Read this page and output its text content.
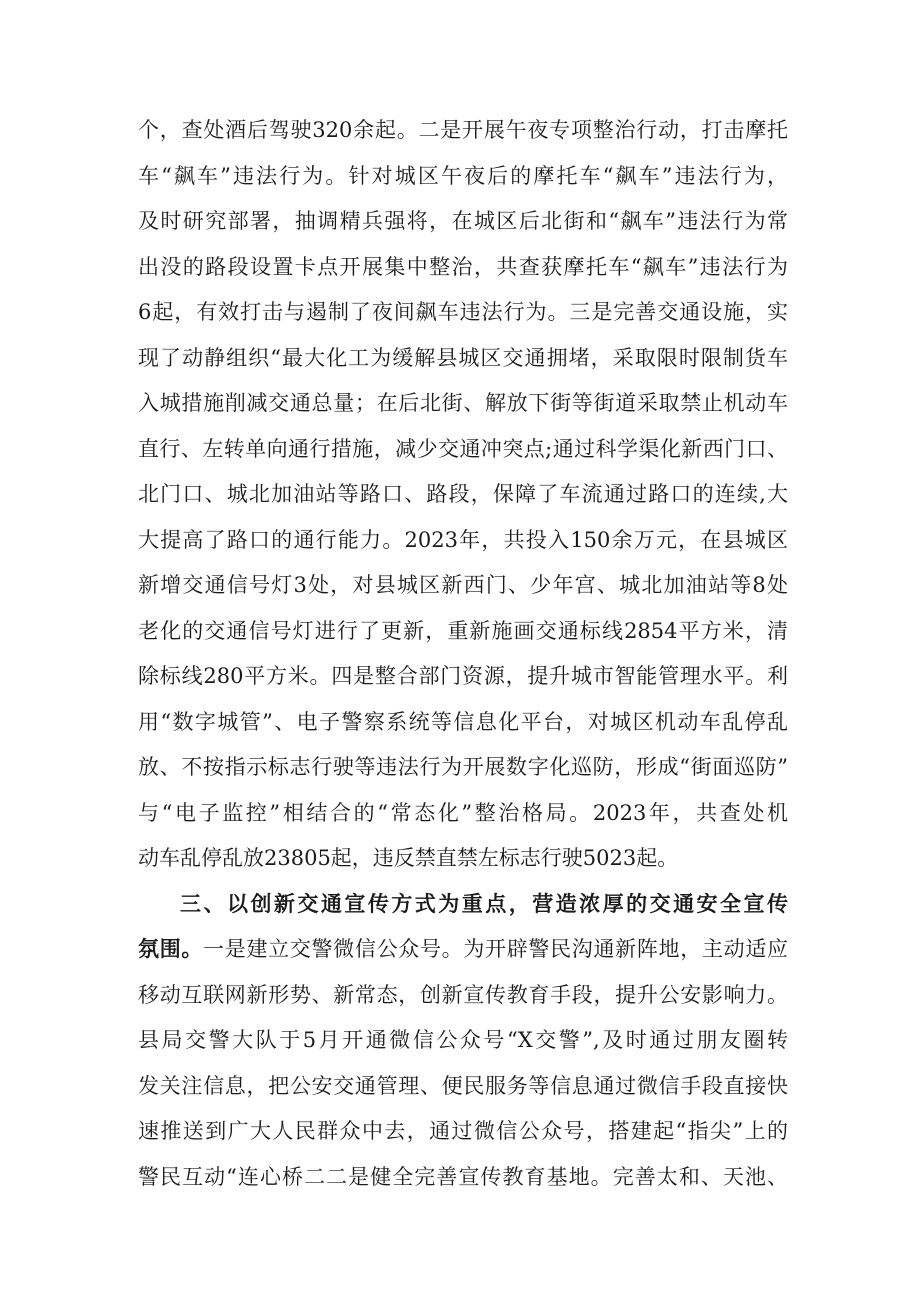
个，查处酒后驾驶320余起。二是开展午夜专项整治行动，打击摩托
车“飙车”违法行为。针对城区午夜后的摩托车“飙车”违法行为，
及时研究部署，抽调精兵强将，在城区后北街和“飙车”违法行为常
出没的路段设置卡点开展集中整治，共查获摩托车“飙车”违法行为
6起，有效打击与遏制了夜间飙车违法行为。三是完善交通设施，实
现了动静组织“最大化工为缓解县城区交通拥堵，采取限时限制货车
入城措施削减交通总量；在后北街、解放下街等街道采取禁止机动车
直行、左转单向通行措施，减少交通冲突点;通过科学渠化新西门口、
北门口、城北加油站等路口、路段，保障了车流通过路口的连续,大
大提高了路口的通行能力。2023年，共投入150余万元，在县城区
新增交通信号灯3处，对县城区新西门、少年宫、城北加油站等8处
老化的交通信号灯进行了更新，重新施画交通标线2854平方米，清
除标线280平方米。四是整合部门资源，提升城市智能管理水平。利
用“数字城管”、电子警察系统等信息化平台，对城区机动车乱停乱
放、不按指示标志行驶等违法行为开展数字化巡防，形成“街面巡防”
与“电子监控”相结合的“常态化”整治格局。2023年，共查处机
动车乱停乱放23805起，违反禁直禁左标志行驶5023起。
三、以创新交通宣传方式为重点，营造浓厚的交通安全宣传
氛围。一是建立交警微信公众号。为开辟警民沟通新阵地，主动适应
移动互联网新形势、新常态，创新宣传教育手段，提升公安影响力。
县局交警大队于5月开通微信公众号“X交警”,及时通过朋友圈转
发关注信息，把公安交通管理、便民服务等信息通过微信手段直接快
速推送到广大人民群众中去，通过微信公众号，搭建起“指尖”上的
警民互动“连心桥二二是健全完善宣传教育基地。完善太和、天池、
